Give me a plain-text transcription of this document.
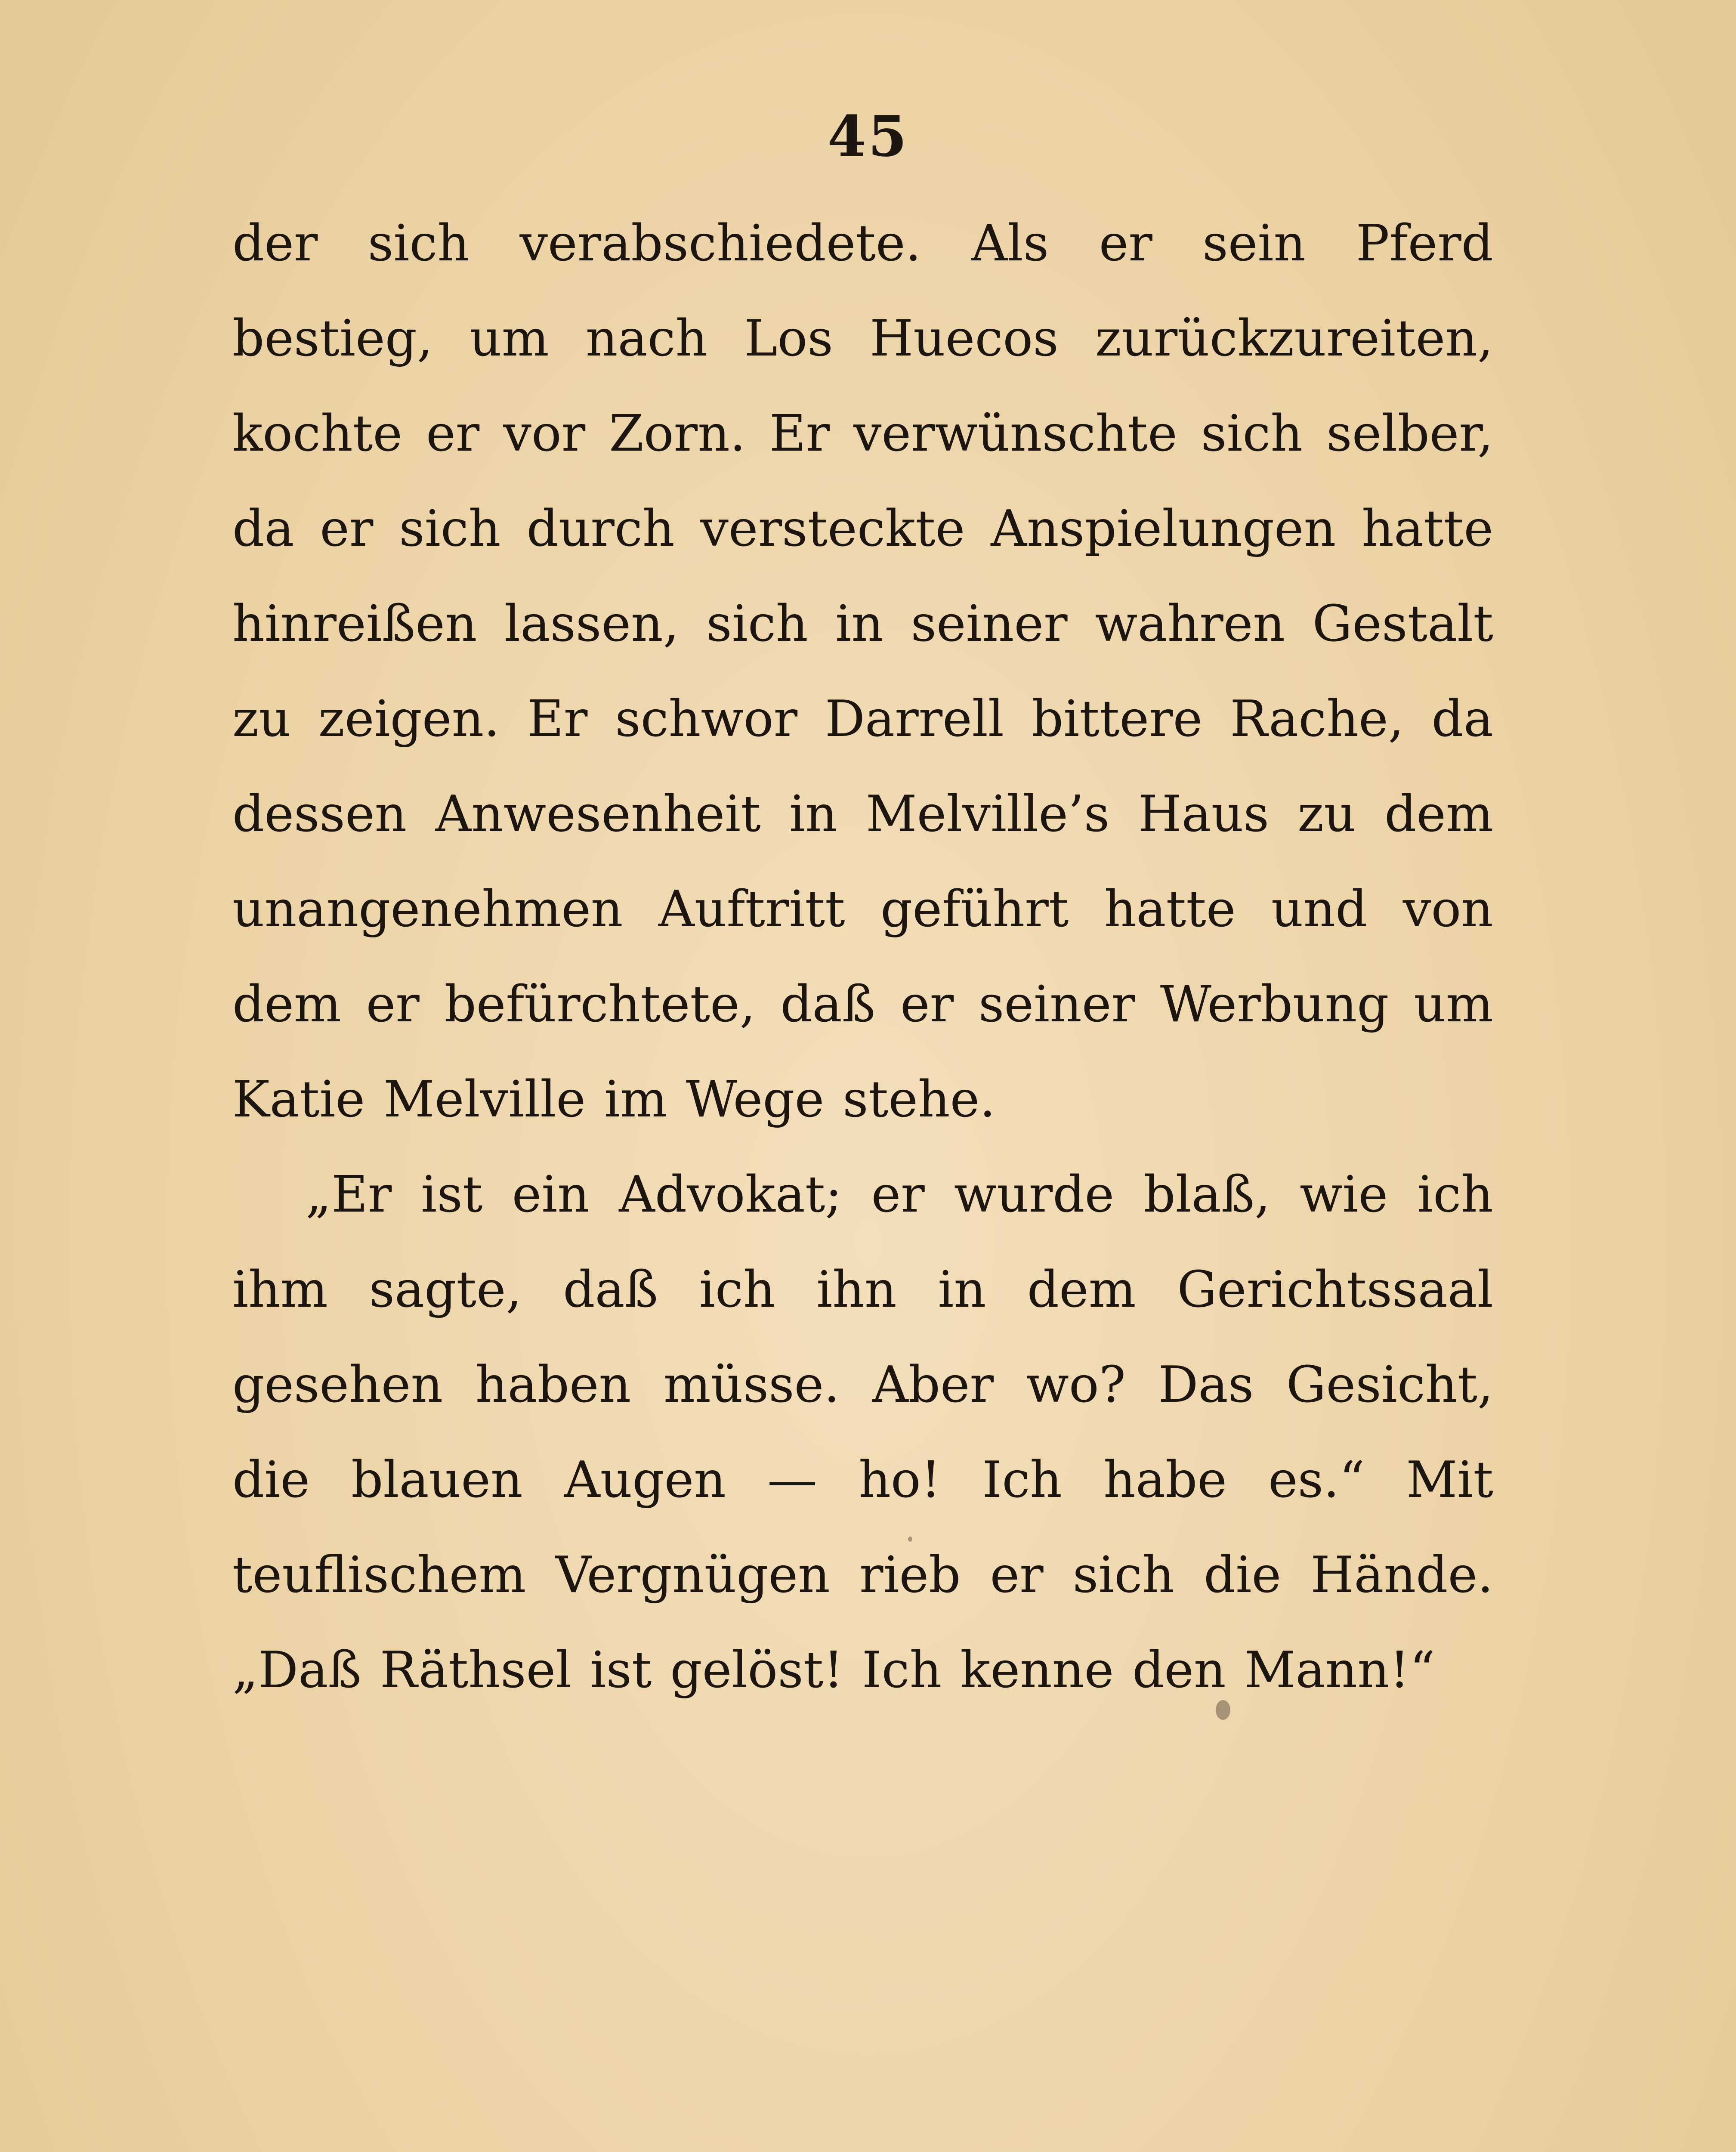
45

der sich verabschiedete. Als er sein Pferd bestieg, um nach Los Huecos zurückzureiten, kochte er vor Zorn. Er verwünschte sich selber, da er sich durch versteckte Anspielungen hatte hinreißen lassen, sich in seiner wahren Gestalt zu zeigen. Er schwor Darrell bittere Rache, da dessen Anwesenheit in Melville’s Haus zu dem unangenehmen Auftritt geführt hatte und von dem er befürchtete, daß er seiner Werbung um Katie Melville im Wege stehe.

„Er ist ein Advokat; er wurde blaß, wie ich ihm sagte, daß ich ihn in dem Gerichtssaal gesehen haben müsse. Aber wo? Das Gesicht, die blauen Augen — ho! Ich habe es.“ Mit teuflischem Vergnügen rieb er sich die Hände. „Daß Räthsel ist gelöst! Ich kenne den Mann!“
